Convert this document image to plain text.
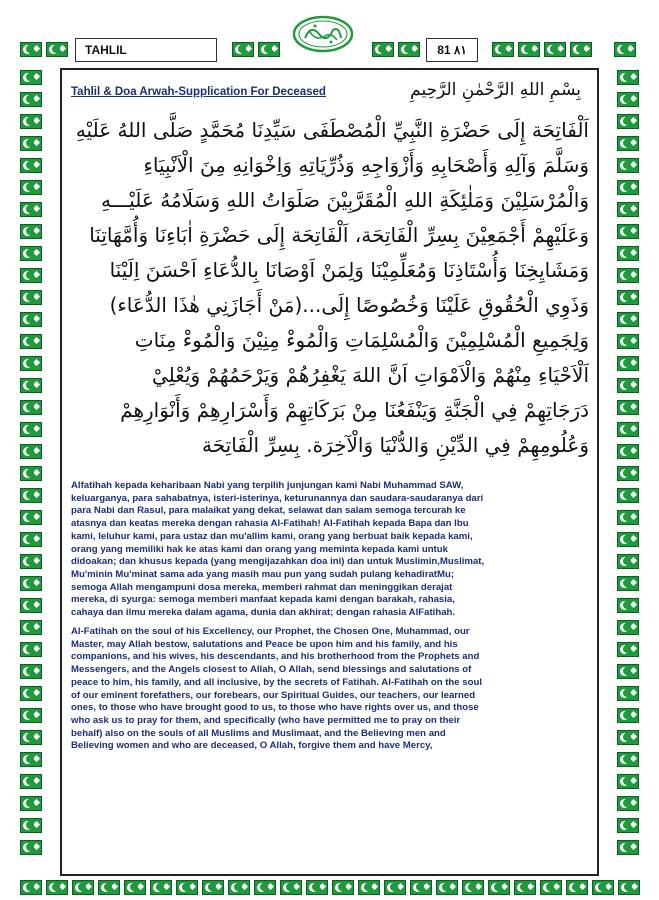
TAHLIL	81 ٨١
Tahlil & Doa Arwah-Supplication For Deceased	بِسْمِ اللهِ الرَّحْمٰنِ الرَّحِيمِ
اَلْفَاتِحَة إِلَى حَضْرَةِ النَّبِيِّ الْمُصْطَفَى سَيِّدِنَا مُحَمَّدٍ صَلَّى اللهُ عَلَيْهِ
وَسَلَّمَ وَآلِهِ وَأَصْحَابِهِ وَأَزْوَاجِهِ وَذُرِّيَاتِهِ وَاِخْوَانِهِ مِنَ الْاَنْبِيَاءِ
وَالْمُرْسَلِيْنَ وَمَلٰئِكَةِ اللهِ الْمُقَرَّبِيْنَ صَلَوَاتُ اللهِ وَسَلَامُهُ عَلَيْـــهِ
وَعَلَيْهِمْ أَجْمَعِيْنَ بِسِرِّ الْفَاتِحَة، اَلْفَاتِحَة إِلَى حَضْرَةِ اٰبَاءِنَا وَأُمَّهَاتِنَا
وَمَشَايِخِنَا وَأُسْتَاذِنَا وَمُعَلِّمِيْنَا وَلِمَنْ اَوْصَانَا بِالدُّعَاءِ اَحْسَنَ اِلَيْنَا
وَذَوِي الْحُقُوقِ عَلَيْنَا وَخُصُوصًا إِلَى...(مَنْ أَجَازَنِي هٰذَا الدُّعَاء)
وَلِجَمِيعِ الْمُسْلِمِيْنَ وَالْمُسْلِمَاتِ وَالْمُوءْ مِنِيْنَ وَالْمُوءْ مِنَاتِ
اَلْاَحْيَاءِ مِنْهُمْ وَالْاَمْوَاتِ اَنَّ اللهَ يَغْفِرُهُمْ وَيَرْحَمُهُمْ وَيُعْلِيْ
دَرَجَاتِهِمْ فِي الْجَنَّةِ وَيَنْفَعُنَا مِنْ بَرَكَاتِهِمْ وَأَسْرَارِهِمْ وَأَنْوَارِهِمْ
وَعُلُومِهِمْ فِي الدِّيْنِ وَالدُّنْيَا وَالْآخِرَة. بِسِرِّ الْفَاتِحَة
Alfatihah kepada keharibaan Nabi yang terpilih junjungan kami Nabi Muhammad SAW,
keluarganya, para sahabatnya, isteri-isterinya, keturunannya dan saudara-saudaranya dari
para Nabi dan Rasul, para malaikat yang dekat, selawat dan salam semoga tercurah ke
atasnya dan keatas mereka dengan rahasia Al-Fatihah! Al-Fatihah kepada Bapa dan Ibu
kami, leluhur kami, para ustaz dan mu'allim kami, orang yang berbuat baik kepada kami,
orang yang memiliki hak ke atas kami dan orang yang meminta kepada kami untuk
didoakan; dan khusus kepada (yang mengijazahkan doa ini) dan untuk Muslimin,Muslimat,
Mu'minin Mu'minat sama ada yang masih mau pun yang sudah pulang kehadiratMu;
semoga Allah mengampuni dosa mereka, memberi rahmat dan meninggikan derajat
mereka, di syurga: semoga memberi manfaat kepada kami dengan barakah, rahasia,
cahaya dan ilmu mereka dalam agama, dunia dan akhirat; dengan rahasia AlFatihah.
Al-Fatihah on the soul of his Excellency, our Prophet, the Chosen One, Muhammad, our
Master, may Allah bestow, salutations and Peace be upon him and his family, and his
companions, and his wives, his descendants, and his brotherhood from the Prophets and
Messengers, and the Angels closest to Allah, O Allah, send blessings and salutations of
peace to him, his family, and all inclusive, by the secrets of Fatihah. Al-Fatihah on the soul
of our eminent forefathers, our forebears, our Spiritual Guides, our teachers, our learned
ones, to those who have brought good to us, to those who have rights over us, and those
who ask us to pray for them, and specifically (who have permitted me to pray on their
behalf) also on the souls of all Muslims and Muslimaat, and the Believing men and
Believing women and who are deceased, O Allah, forgive them and have Mercy,
